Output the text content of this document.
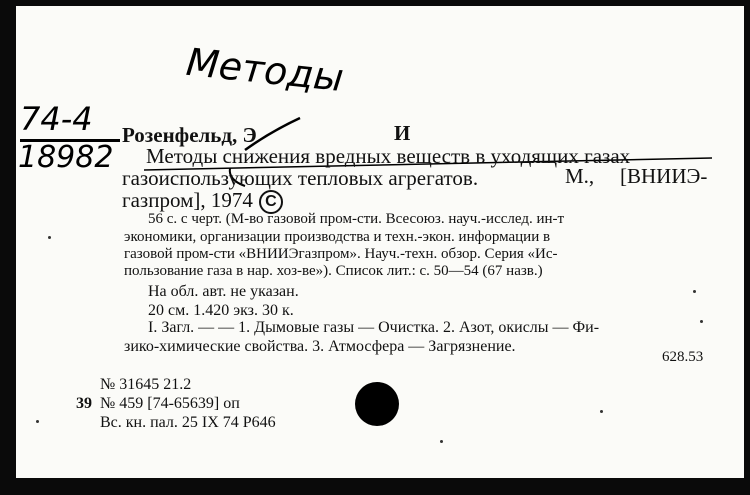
Методы
74-4
18982
Розенфельд, Э	И
Методы снижения вредных веществ в уходящих газах
газоиспользующих тепловых агрегатов.	М., [ВНИИЭ-
газпром], 1974 C
56 с. с черт. (М-во газовой пром-сти. Всесоюз. науч.-исслед. ин-т
экономики, организации производства и техн.-экон. информации в
газовой пром-сти «ВНИИЭгазпром». Науч.-техн. обзор. Серия «Ис-
пользование газа в нар. хоз-ве»). Список лит.: с. 50—54 (67 назв.)
На обл. авт. не указан.
20 см. 1.420 экз. 30 к.
I. Загл. — — 1. Дымовые газы — Очистка. 2. Азот, окислы — Фи-
зико-химические свойства. 3. Атмосфера — Загрязнение.
628.53
№ 31645 21.2
39 № 459 [74-65639] оп
Вс. кн. пал. 25 IX 74 Р646
